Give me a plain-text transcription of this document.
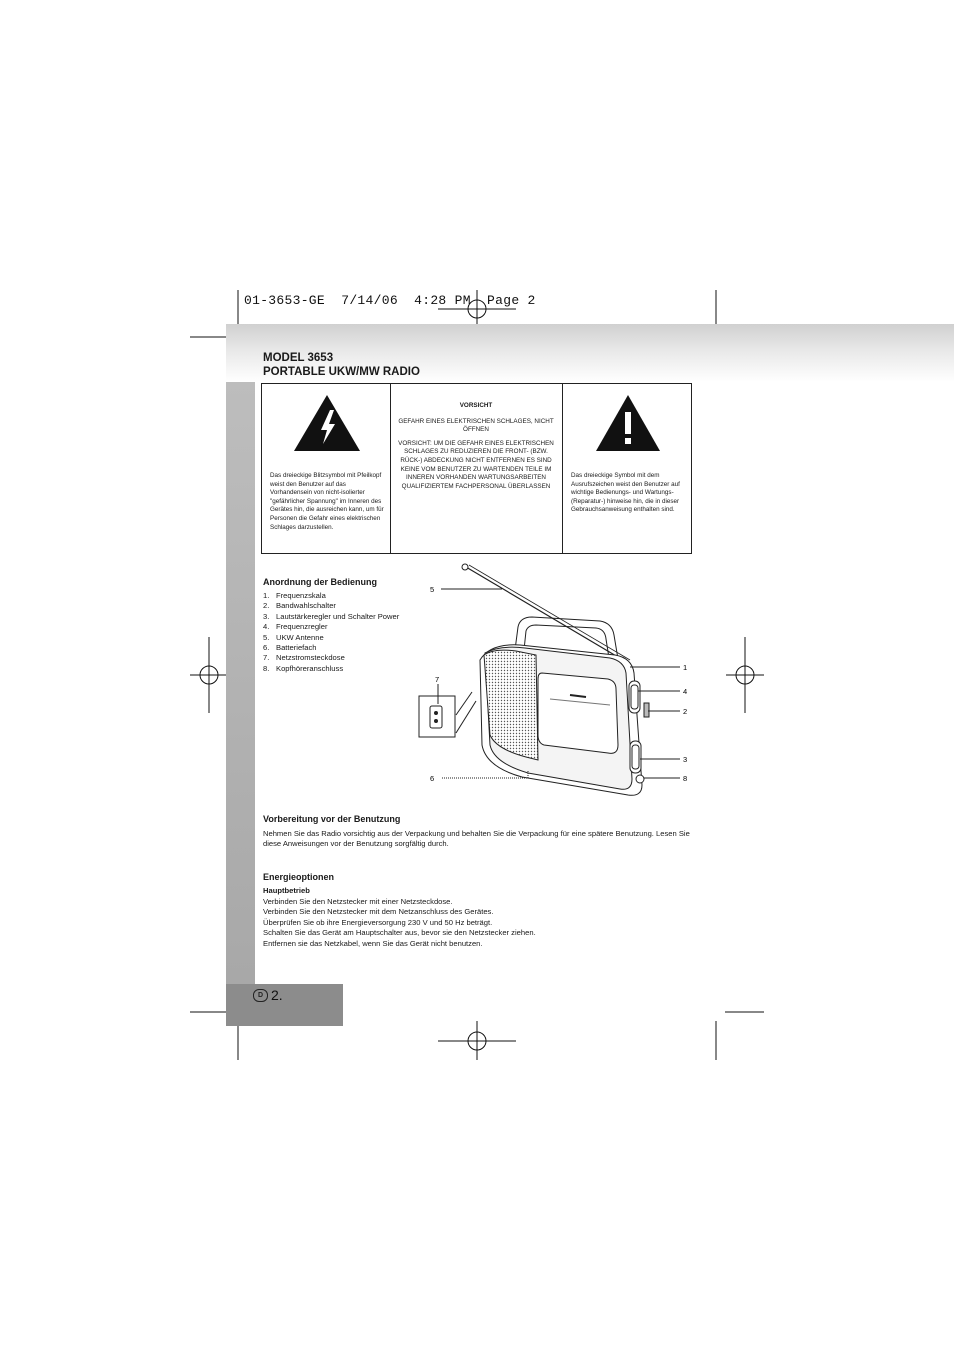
01-3653-GE  7/14/06  4:28 PM  Page 2
D 2.
MODEL 3653
PORTABLE UKW/MW RADIO
Das dreieckige Blitzsymbol mit Pfeilkopf weist den Benutzer auf das Vorhandensein von nicht-isolierter "gefährlicher Spannung" im Inneren des Gerätes hin, die ausreichen kann, um für Personen die Gefahr eines elektrischen Schlages darzustellen.
VORSICHT
GEFAHR EINES ELEKTRISCHEN SCHLAGES, NICHT ÖFFNEN
VORSICHT: UM DIE GEFAHR EINES ELEKTRISCHEN SCHLAGES ZU REDUZIEREN DIE FRONT- (BZW. RÜCK-) ABDECKUNG NICHT ENTFERNEN ES SIND KEINE VOM BENUTZER ZU WARTENDEN TEILE IM INNEREN VORHANDEN WARTUNGSARBEITEN QUALIFIZIERTEM FACHPERSONAL ÜBERLASSEN
Das dreieckige Symbol mit dem Ausrufszeichen weist den Benutzer auf wichtige Bedienungs- und Wartungs- (Reparatur-) hinweise hin, die in dieser Gebrauchsanweisung enthalten sind.
Anordnung der Bedienung
1. Frequenzskala
2. Bandwahlschalter
3. Lautstärkeregler und Schalter Power
4. Frequenzregler
5. UKW Antenne
6. Batteriefach
7. Netzstromsteckdose
8. Kopfhöreranschluss
5
1
4
2
3
8
7
6
Vorbereitung vor der Benutzung
Nehmen Sie das Radio vorsichtig aus der Verpackung und behalten Sie die Verpackung für eine spätere Benutzung. Lesen Sie diese Anweisungen vor der Benutzung sorgfältig durch.
Energieoptionen
Hauptbetrieb
Verbinden Sie den Netzstecker mit einer Netzsteckdose.
Verbinden Sie den Netzstecker mit dem Netzanschluss des Gerätes.
Überprüfen Sie ob ihre Energieversorgung 230 V und 50 Hz beträgt.
Schalten Sie das Gerät am Hauptschalter aus, bevor sie den Netzstecker ziehen.
Entfernen sie das Netzkabel, wenn Sie das Gerät nicht benutzen.
